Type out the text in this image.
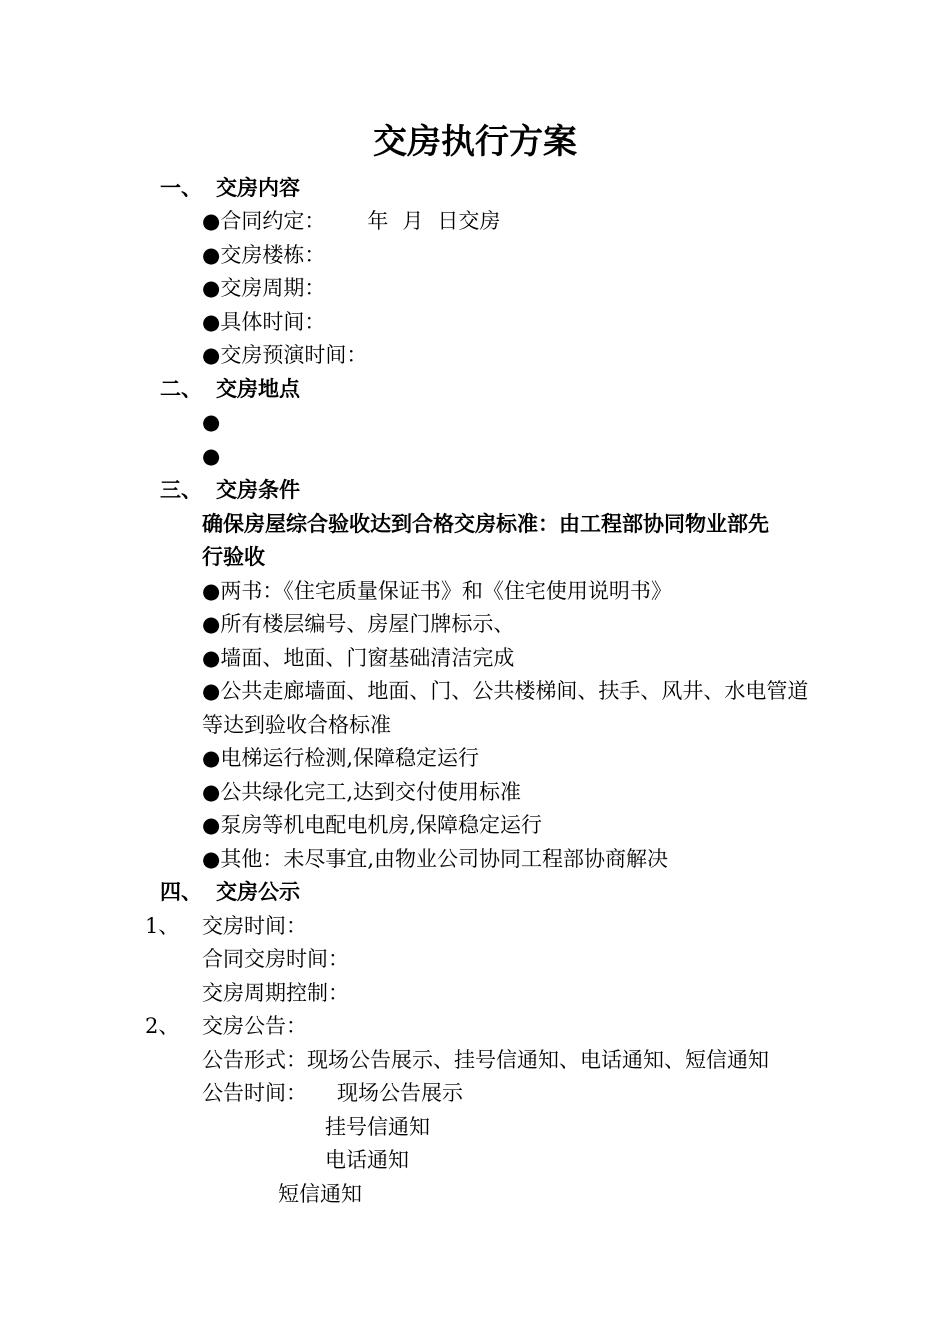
交房执行方案
一、 交房内容
●合同约定： 年 月 日交房
●交房楼栋：
●交房周期：
●具体时间：
●交房预演时间：
二、 交房地点
●
●
三、 交房条件
确保房屋综合验收达到合格交房标准：由工程部协同物业部先
行验收
●两书：《住宅质量保证书》和《住宅使用说明书》
●所有楼层编号、房屋门牌标示、
●墙面、地面、门窗基础清洁完成
●公共走廊墙面、地面、门、公共楼梯间、扶手、风井、水电管道
等达到验收合格标准
●电梯运行检测,保障稳定运行
●公共绿化完工,达到交付使用标准
●泵房等机电配电机房,保障稳定运行
●其他：未尽事宜,由物业公司协同工程部协商解决
四、 交房公示
1、 交房时间：
合同交房时间：
交房周期控制：
2、 交房公告：
公告形式：现场公告展示、挂号信通知、电话通知、短信通知
公告时间： 现场公告展示
挂号信通知
电话通知
短信通知
